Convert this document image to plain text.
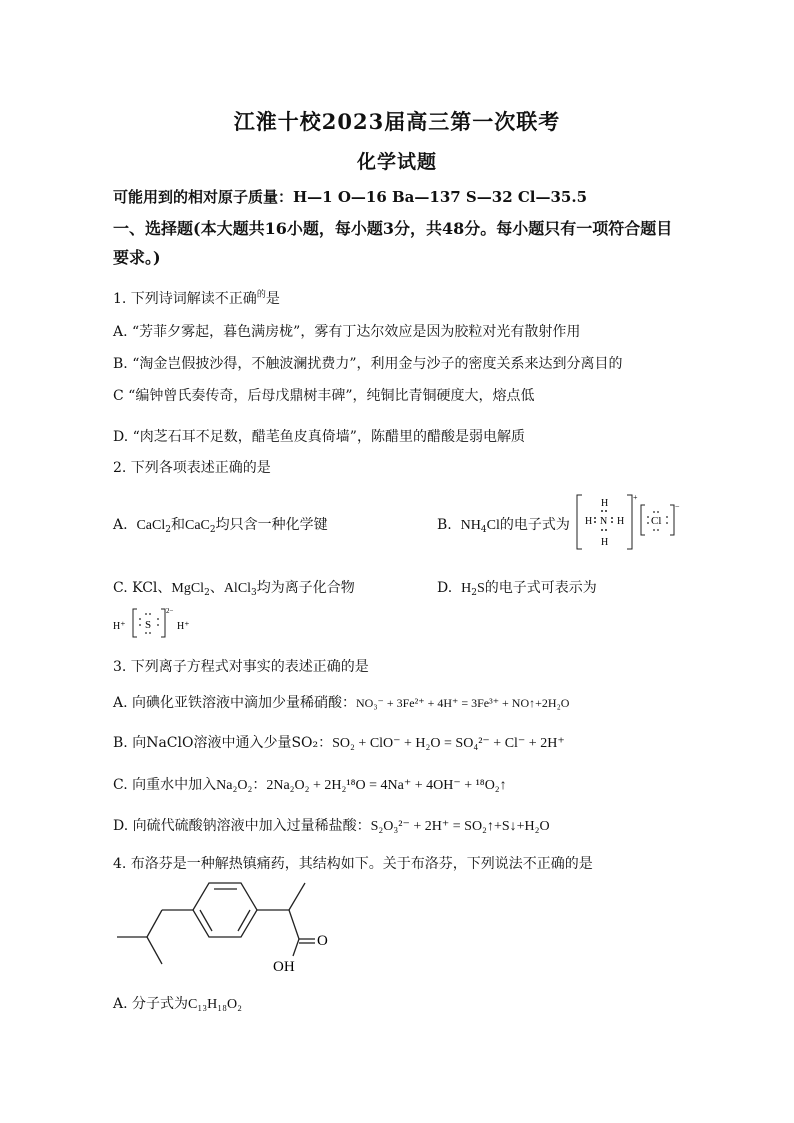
江淮十校2023届高三第一次联考
化学试题
可能用到的相对原子质量：H—1 O—16 Ba—137 S—32 Cl—35.5
一、选择题(本大题共16小题，每小题3分，共48分。每小题只有一项符合题目
要求。)
1. 下列诗词解读不正确$^的$是
A. “芳菲夕雾起，暮色满房栊”，雾有丁达尔效应是因为胶粒对光有散射作用
B. “淘金岂假披沙得，不触波澜扰费力”，利用金与沙子的密度关系来达到分离目的
C “编钟曾氏奏传奇，后母戊鼎树丰碑”，纯铜比青铜硬度大，熔点低
D. “肉芝石耳不足数，醋芼鱼皮真倚墙”，陈醋里的醋酸是弱电解质
2. 下列各项表述正确的是
A. CaCl$_2$和CaC$_2$均只含一种化学键	B. $NH_4Cl$的电子式为
H
H N H
H
+
Cl
−
C. KCl、MgCl$_2$、AlCl$_3$均为离子化合物	D. $H_2S$的电子式可表示为
H⁺ S
2−
H⁺
3. 下列离子方程式对事实的表述正确的是
A. 向碘化亚铁溶液中滴加少量稀硝酸：NO₃⁻ + 3Fe²⁺ + 4H⁺ = 3Fe³⁺ + NO↑+2H₂O
B. 向NaClO溶液中通入少量SO₂：SO₂ + ClO⁻ + H₂O = SO₄²⁻ + Cl⁻ + 2H⁺
C. 向重水中加入Na₂O₂：2Na₂O₂ + 2H₂¹⁸O = 4Na⁺ + 4OH⁻ + ¹⁸O₂↑
D. 向硫代硫酸钠溶液中加入过量稀盐酸：S₂O₃²⁻ + 2H⁺ = SO₂↑+S↓+H₂O
4. 布洛芬是一种解热镇痛药，其结构如下。关于布洛芬，下列说法不正确的是
O
OH
A. 分子式为C₁₃H₁₈O₂
